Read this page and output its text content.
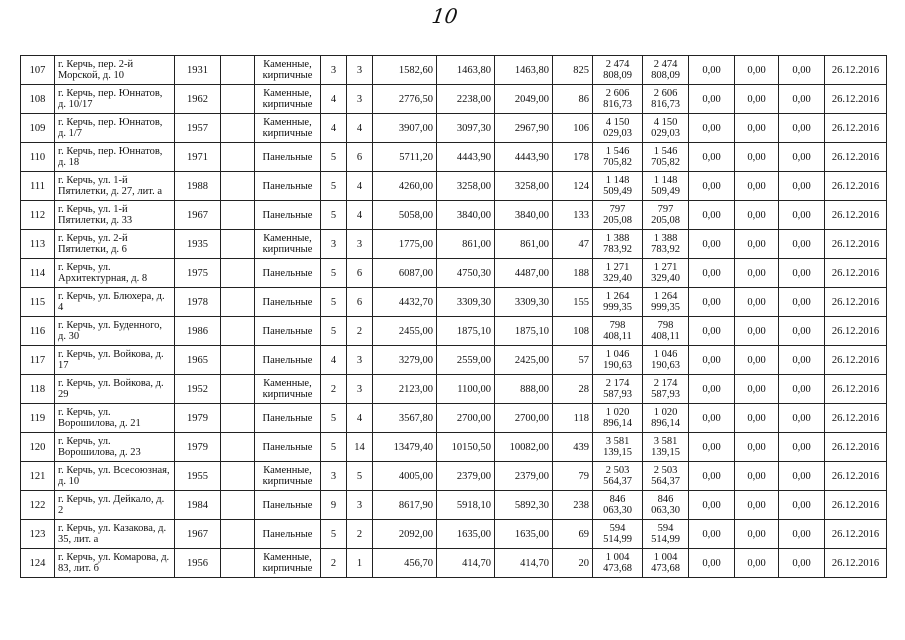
10
107	г. Керчь, пер. 2-й Морской, д. 10	1931		Каменные, кирпичные	3	3	1582,60	1463,80	1463,80	825	2 474 808,09	2 474 808,09	0,00	0,00	0,00	26.12.2016
108	г. Керчь, пер. Юннатов, д. 10/17	1962		Каменные, кирпичные	4	3	2776,50	2238,00	2049,00	86	2 606 816,73	2 606 816,73	0,00	0,00	0,00	26.12.2016
109	г. Керчь, пер. Юннатов, д. 1/7	1957		Каменные, кирпичные	4	4	3907,00	3097,30	2967,90	106	4 150 029,03	4 150 029,03	0,00	0,00	0,00	26.12.2016
110	г. Керчь, пер. Юннатов, д. 18	1971		Панельные	5	6	5711,20	4443,90	4443,90	178	1 546 705,82	1 546 705,82	0,00	0,00	0,00	26.12.2016
111	г. Керчь, ул. 1-й Пятилетки, д. 27, лит. а	1988		Панельные	5	4	4260,00	3258,00	3258,00	124	1 148 509,49	1 148 509,49	0,00	0,00	0,00	26.12.2016
112	г. Керчь, ул. 1-й Пятилетки, д. 33	1967		Панельные	5	4	5058,00	3840,00	3840,00	133	797 205,08	797 205,08	0,00	0,00	0,00	26.12.2016
113	г. Керчь, ул. 2-й Пятилетки, д. 6	1935		Каменные, кирпичные	3	3	1775,00	861,00	861,00	47	1 388 783,92	1 388 783,92	0,00	0,00	0,00	26.12.2016
114	г. Керчь, ул. Архитектурная, д. 8	1975		Панельные	5	6	6087,00	4750,30	4487,00	188	1 271 329,40	1 271 329,40	0,00	0,00	0,00	26.12.2016
115	г. Керчь, ул. Блюхера, д. 4	1978		Панельные	5	6	4432,70	3309,30	3309,30	155	1 264 999,35	1 264 999,35	0,00	0,00	0,00	26.12.2016
116	г. Керчь, ул. Буденного, д. 30	1986		Панельные	5	2	2455,00	1875,10	1875,10	108	798 408,11	798 408,11	0,00	0,00	0,00	26.12.2016
117	г. Керчь, ул. Войкова, д. 17	1965		Панельные	4	3	3279,00	2559,00	2425,00	57	1 046 190,63	1 046 190,63	0,00	0,00	0,00	26.12.2016
118	г. Керчь, ул. Войкова, д. 29	1952		Каменные, кирпичные	2	3	2123,00	1100,00	888,00	28	2 174 587,93	2 174 587,93	0,00	0,00	0,00	26.12.2016
119	г. Керчь, ул. Ворошилова, д. 21	1979		Панельные	5	4	3567,80	2700,00	2700,00	118	1 020 896,14	1 020 896,14	0,00	0,00	0,00	26.12.2016
120	г. Керчь, ул. Ворошилова, д. 23	1979		Панельные	5	14	13479,40	10150,50	10082,00	439	3 581 139,15	3 581 139,15	0,00	0,00	0,00	26.12.2016
121	г. Керчь, ул. Всесоюзная, д. 10	1955		Каменные, кирпичные	3	5	4005,00	2379,00	2379,00	79	2 503 564,37	2 503 564,37	0,00	0,00	0,00	26.12.2016
122	г. Керчь, ул. Дейкало, д. 2	1984		Панельные	9	3	8617,90	5918,10	5892,30	238	846 063,30	846 063,30	0,00	0,00	0,00	26.12.2016
123	г. Керчь, ул. Казакова, д. 35, лит. а	1967		Панельные	5	2	2092,00	1635,00	1635,00	69	594 514,99	594 514,99	0,00	0,00	0,00	26.12.2016
124	г. Керчь, ул. Комарова, д. 83, лит. б	1956		Каменные, кирпичные	2	1	456,70	414,70	414,70	20	1 004 473,68	1 004 473,68	0,00	0,00	0,00	26.12.2016
